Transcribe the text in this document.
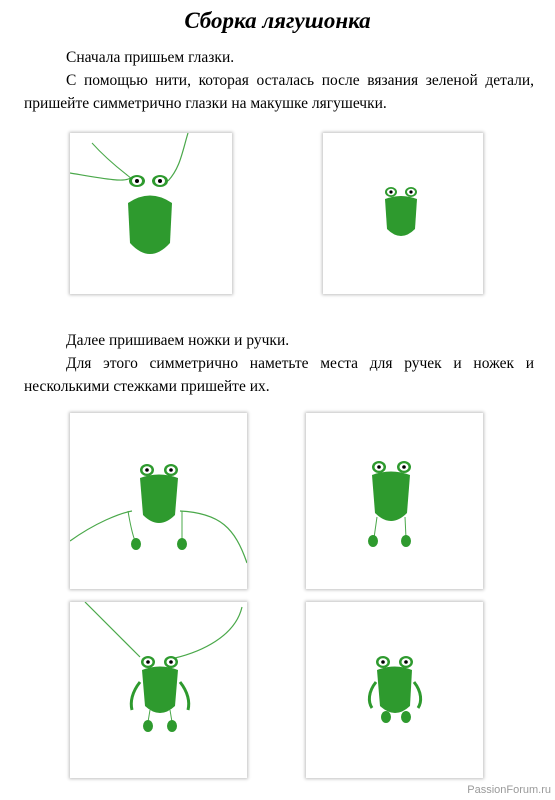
Сборка лягушонка

Сначала пришьем глазки.

С помощью нити, которая осталась после вязания зеленой детали, пришейте симметрично глазки на макушке лягушечки.

Далее пришиваем ножки и ручки.

Для этого симметрично наметьте места для ручек и ножек и несколькими стежками пришейте их.

PassionForum.ru
